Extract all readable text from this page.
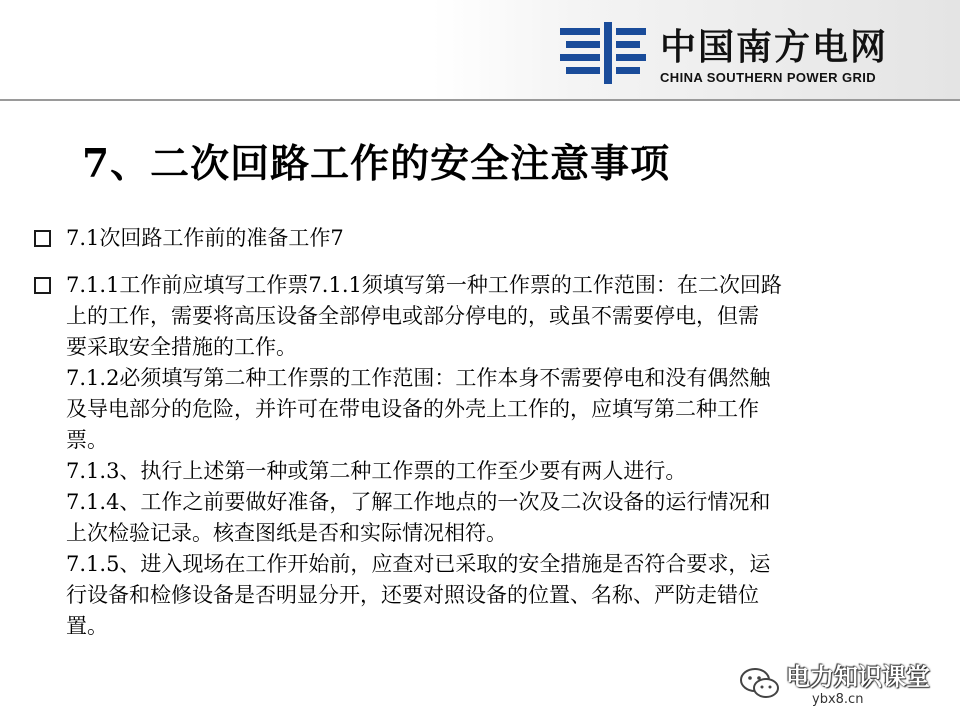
中国南方电网
CHINA SOUTHERN POWER GRID
7、二次回路工作的安全注意事项
7.1次回路工作前的准备工作7
7.1.1工作前应填写工作票7.1.1须填写第一种工作票的工作范围：在二次回路
上的工作，需要将高压设备全部停电或部分停电的，或虽不需要停电，但需
要采取安全措施的工作。
7.1.2必须填写第二种工作票的工作范围：工作本身不需要停电和没有偶然触
及导电部分的危险，并许可在带电设备的外壳上工作的，应填写第二种工作
票。
7.1.3、执行上述第一种或第二种工作票的工作至少要有两人进行。
7.1.4、工作之前要做好准备，了解工作地点的一次及二次设备的运行情况和
上次检验记录。核查图纸是否和实际情况相符。
7.1.5、进入现场在工作开始前，应查对已采取的安全措施是否符合要求，运
行设备和检修设备是否明显分开，还要对照设备的位置、名称、严防走错位
置。
电力知识课堂
ybx8.cn
